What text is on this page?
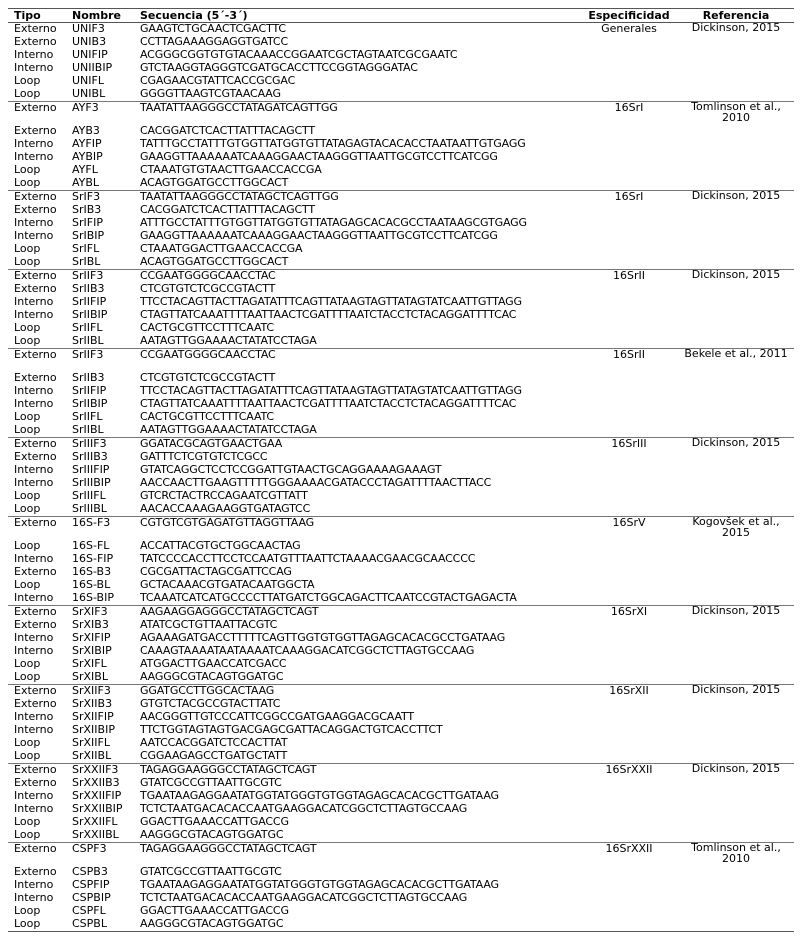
Tipo	Nombre	Secuencia (5´-3´)	Especificidad	Referencia
Externo	UNIF3	GAAGTCTGCAACTCGACTTC	Generales	Dickinson, 2015
Externo	UNIB3	CCTTAGAAAGGAGGTGATCC		
Interno	UNIFIP	ACGGGCGGTGTGTACAAACCGGAATCGCTAGTAATCGCGAATC		
Interno	UNIIBIP	GTCTAAGGTAGGGTCGATGCACCTTCCGGTAGGGATAC		
Loop	UNIFL	CGAGAACGTATTCACCGCGAC		
Loop	UNIBL	GGGGTTAAGTCGTAACAAG		
Externo	AYF3	TAATATTAAGGGCCTATAGATCAGTTGG	16SrI	Tomlinson et al., 2010
Externo	AYB3	CACGGATCTCACTTATTTACAGCTT		
Interno	AYFIP	TATTTGCCTATTTGTGGTTATGGTGTTATAGAGTACACACCTAATAATTGTGAGG		
Interno	AYBIP	GAAGGTTAAAAAATCAAAGGAACTAAGGGTTAATTGCGTCCTTCATCGG		
Loop	AYFL	CTAAATGTGTAACTTGAACCACCGA		
Loop	AYBL	ACAGTGGATGCCTTGGCACT		
Externo	SrIF3	TAATATTAAGGGCCTATAGCTCAGTTGG	16SrI	Dickinson, 2015
Externo	SrIB3	CACGGATCTCACTTATTTACAGCTT		
Interno	SrIFIP	ATTTGCCTATTTGTGGTTATGGTGTTATAGAGCACACGCCTAATAAGCGTGAGG		
Interno	SrIBIP	GAAGGTTAAAAAATCAAAGGAACTAAGGGTTAATTGCGTCCTTCATCGG		
Loop	SrIFL	CTAAATGGACTTGAACCACCGA		
Loop	SrIBL	ACAGTGGATGCCTTGGCACT		
Externo	SrIIF3	CCGAATGGGGCAACCTAC	16SrII	Dickinson, 2015
Externo	SrIIB3	CTCGTGTCTCGCCGTACTT		
Interno	SrIIFIP	TTCCTACAGTTACTTAGATATTTCAGTTATAAGTAGTTATAGTATCAATTGTTAGG		
Interno	SrIIBIP	CTAGTTATCAAATTTTAATTAACTCGATTTTAATCTACCTCTACAGGATTTTCAC		
Loop	SrIIFL	CACTGCGTTCCTTTCAATC		
Loop	SrIIBL	AATAGTTGGAAAACTATATCCTAGA		
Externo	SrIIF3	CCGAATGGGGCAACCTAC	16SrII	Bekele et al., 2011
Externo	SrIIB3	CTCGTGTCTCGCCGTACTT		
Interno	SrIIFIP	TTCCTACAGTTACTTAGATATTTCAGTTATAAGTAGTTATAGTATCAATTGTTAGG		
Interno	SrIIBIP	CTAGTTATCAAATTTTAATTAACTCGATTTTAATCTACCTCTACAGGATTTTCAC		
Loop	SrIIFL	CACTGCGTTCCTTTCAATC		
Loop	SrIIBL	AATAGTTGGAAAACTATATCCTAGA		
Externo	SrIIIF3	GGATACGCAGTGAACTGAA	16SrIII	Dickinson, 2015
Externo	SrIIIB3	GATTTCTCGTGTCTCGCC		
Interno	SrIIIFIP	GTATCAGGCTCCTCCGGATTGTAACTGCAGGAAAAGAAAGT		
Interno	SrIIIBIP	AACCAACTTGAAGTTTTTGGGAAAACGATACCCTAGATTTTAACTTACC		
Loop	SrIIIFL	GTCRCTACTRCCAGAATCGTTATT		
Loop	SrIIIBL	AACACCAAAGAAGGTGATAGTCC		
Externo	16S-F3	CGTGTCGTGAGATGTTAGGTTAAG	16SrV	Kogovšek et al., 2015
Loop	16S-FL	ACCATTACGTGCTGGCAACTAG		
Interno	16S-FIP	TATCCCCACCTTCCTCCAATGTTTAATTCTAAAACGAACGCAACCCC		
Externo	16S-B3	CGCGATTACTAGCGATTCCAG		
Loop	16S-BL	GCTACAAACGTGATACAATGGCTA		
Interno	16S-BIP	TCAAATCATCATGCCCCTTATGATCTGGCAGACTTCAATCCGTACTGAGACTA		
Externo	SrXIF3	AAGAAGGAGGGCCTATAGCTCAGT	16SrXI	Dickinson, 2015
Externo	SrXIB3	ATATCGCTGTTAATTACGTC		
Interno	SrXIFIP	AGAAAGATGACCTTTTTCAGTTGGTGTGGTTAGAGCACACGCCTGATAAG		
Interno	SrXIBIP	CAAAGTAAAATAATAAAATCAAAGGACATCGGCTCTTAGTGCCAAG		
Loop	SrXIFL	ATGGACTTGAACCATCGACC		
Loop	SrXIBL	AAGGGCGTACAGTGGATGC		
Externo	SrXIIF3	GGATGCCTTGGCACTAAG	16SrXII	Dickinson, 2015
Externo	SrXIIB3	GTGTCTACGCCGTACTTATC		
Interno	SrXIIFIP	AACGGGTTGTCCCATTCGGCCGATGAAGGACGCAATT		
Interno	SrXIIBIP	TTCTGGTAGTAGTGACGAGCGATTACAGGACTGTCACCTTCT		
Loop	SrXIIFL	AATCCACGGATCTCCACTTAT		
Loop	SrXIIBL	CGGAAGAGCCTGATGCTATT		
Externo	SrXXIIF3	TAGAGGAAGGGCCTATAGCTCAGT	16SrXXII	Dickinson, 2015
Externo	SrXXIIB3	GTATCGCCGTTAATTGCGTC		
Interno	SrXXIIFIP	TGAATAAGAGGAATATGGTATGGGTGTGGTAGAGCACACGCTTGATAAG		
Interno	SrXXIIBIP	TCTCTAATGACACACCAATGAAGGACATCGGCTCTTAGTGCCAAG		
Loop	SrXXIIFL	GGACTTGAAACCATTGACCG		
Loop	SrXXIIBL	AAGGGCGTACAGTGGATGC		
Externo	CSPF3	TAGAGGAAGGGCCTATAGCTCAGT	16SrXXII	Tomlinson et al., 2010
Externo	CSPB3	GTATCGCCGTTAATTGCGTC		
Interno	CSPFIP	TGAATAAGAGGAATATGGTATGGGTGTGGTAGAGCACACGCTTGATAAG		
Interno	CSPBIP	TCTCTAATGACACACCAATGAAGGACATCGGCTCTTAGTGCCAAG		
Loop	CSPFL	GGACTTGAAACCATTGACCG		
Loop	CSPBL	AAGGGCGTACAGTGGATGC		
